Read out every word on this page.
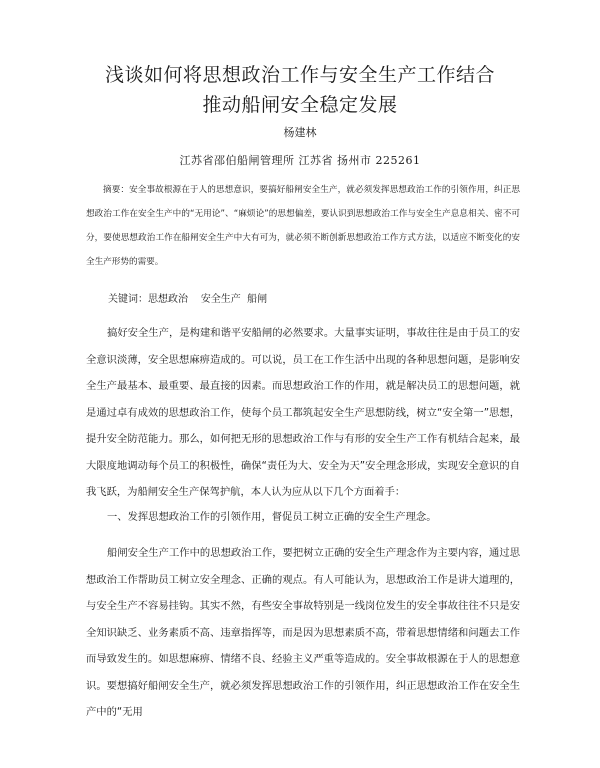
浅谈如何将思想政治工作与安全生产工作结合
推动船闸安全稳定发展
杨建林
江苏省邵伯船闸管理所 江苏省 扬州市 225261

摘要：安全事故根源在于人的思想意识，要搞好船闸安全生产，就必须发挥思想政治工作的引领作用，纠正思想政治工作在安全生产中的“无用论”、“麻烦论”的思想偏差，要认识到思想政治工作与安全生产息息相关、密不可分，要使思想政治工作在船闸安全生产中大有可为，就必须不断创新思想政治工作方式方法，以适应不断变化的安全生产形势的需要。

关键词：思想政治    安全生产  船闸

搞好安全生产，是构建和谐平安船闸的必然要求。大量事实证明，事故往往是由于员工的安全意识淡薄，安全思想麻痹造成的。可以说，员工在工作生活中出现的各种思想问题，是影响安全生产最基本、最重要、最直接的因素。而思想政治工作的作用，就是解决员工的思想问题，就是通过卓有成效的思想政治工作，使每个员工都筑起安全生产思想防线，树立“安全第一”思想，提升安全防范能力。那么，如何把无形的思想政治工作与有形的安全生产工作有机结合起来，最大限度地调动每个员工的积极性，确保“责任为大、安全为天”安全理念形成，实现安全意识的自我飞跃，为船闸安全生产保驾护航，本人认为应从以下几个方面着手：

一、发挥思想政治工作的引领作用，督促员工树立正确的安全生产理念。

船闸安全生产工作中的思想政治工作，要把树立正确的安全生产理念作为主要内容，通过思想政治工作帮助员工树立安全理念、正确的观点。有人可能认为，思想政治工作是讲大道理的，与安全生产不容易挂钩。其实不然，有些安全事故特别是一线岗位发生的安全事故往往不只是安全知识缺乏、业务素质不高、违章指挥等，而是因为思想素质不高，带着思想情绪和问题去工作而导致发生的。如思想麻痹、情绪不良、经验主义严重等造成的。安全事故根源在于人的思想意识。要想搞好船闸安全生产，就必须发挥思想政治工作的引领作用，纠正思想政治工作在安全生产中的“无用
